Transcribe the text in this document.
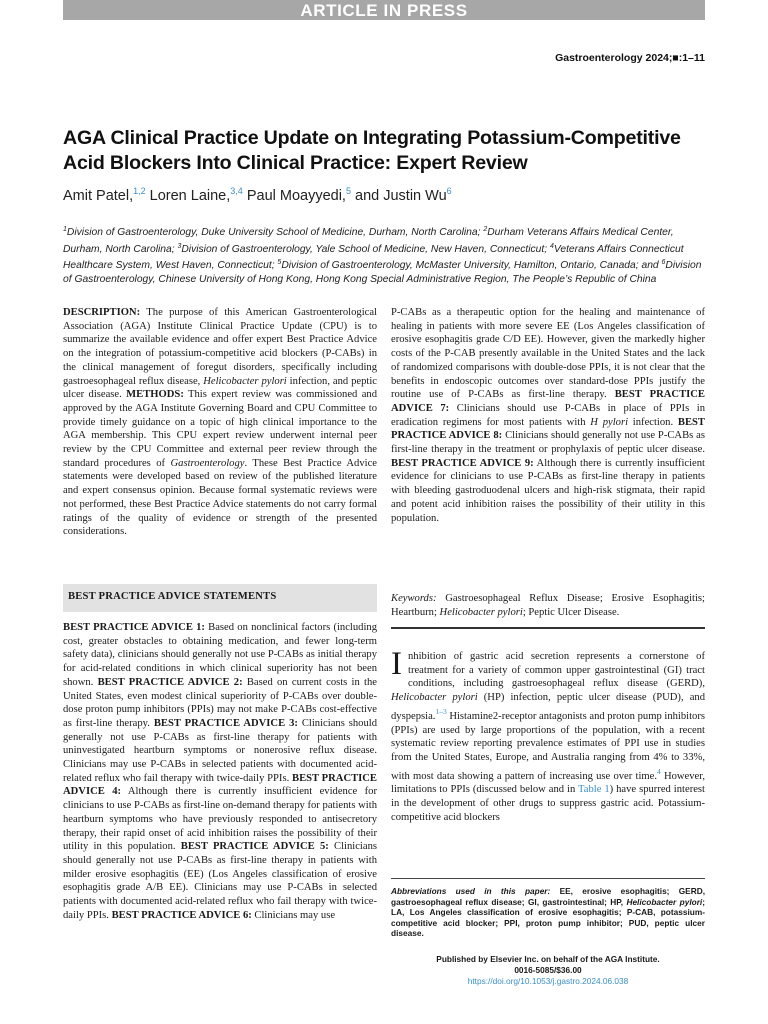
ARTICLE IN PRESS
Gastroenterology 2024;■:1–11
AGA Clinical Practice Update on Integrating Potassium-Competitive Acid Blockers Into Clinical Practice: Expert Review
Amit Patel,$^{1,2}$ Loren Laine,$^{3,4}$ Paul Moayyedi,$^5$ and Justin Wu$^6$
$^1$Division of Gastroenterology, Duke University School of Medicine, Durham, North Carolina; $^2$Durham Veterans Affairs Medical Center, Durham, North Carolina; $^3$Division of Gastroenterology, Yale School of Medicine, New Haven, Connecticut; $^4$Veterans Affairs Connecticut Healthcare System, West Haven, Connecticut; $^5$Division of Gastroenterology, McMaster University, Hamilton, Ontario, Canada; and $^6$Division of Gastroenterology, Chinese University of Hong Kong, Hong Kong Special Administrative Region, The People’s Republic of China
DESCRIPTION: The purpose of this American Gastroenterological Association (AGA) Institute Clinical Practice Update (CPU) is to summarize the available evidence and offer expert Best Practice Advice on the integration of potassium-competitive acid blockers (P-CABs) in the clinical management of foregut disorders, specifically including gastroesophageal reflux disease, Helicobacter pylori infection, and peptic ulcer disease. METHODS: This expert review was commissioned and approved by the AGA Institute Governing Board and CPU Committee to provide timely guidance on a topic of high clinical importance to the AGA membership. This CPU expert review underwent internal peer review by the CPU Committee and external peer review through the standard procedures of Gastroenterology. These Best Practice Advice statements were developed based on review of the published literature and expert consensus opinion. Because formal systematic reviews were not performed, these Best Practice Advice statements do not carry formal ratings of the quality of evidence or strength of the presented considerations.
BEST PRACTICE ADVICE STATEMENTS
BEST PRACTICE ADVICE 1: Based on nonclinical factors (including cost, greater obstacles to obtaining medication, and fewer long-term safety data), clinicians should generally not use P-CABs as initial therapy for acid-related conditions in which clinical superiority has not been shown. BEST PRACTICE ADVICE 2: Based on current costs in the United States, even modest clinical superiority of P-CABs over double-dose proton pump inhibitors (PPIs) may not make P-CABs cost-effective as first-line therapy. BEST PRACTICE ADVICE 3: Clinicians should generally not use P-CABs as first-line therapy for patients with uninvestigated heartburn symptoms or nonerosive reflux disease. Clinicians may use P-CABs in selected patients with documented acid-related reflux who fail therapy with twice-daily PPIs. BEST PRACTICE ADVICE 4: Although there is currently insufficient evidence for clinicians to use P-CABs as first-line on-demand therapy for patients with heartburn symptoms who have previously responded to antisecretory therapy, their rapid onset of acid inhibition raises the possibility of their utility in this population. BEST PRACTICE ADVICE 5: Clinicians should generally not use P-CABs as first-line therapy in patients with milder erosive esophagitis (EE) (Los Angeles classification of erosive esophagitis grade A/B EE). Clinicians may use P-CABs in selected patients with documented acid-related reflux who fail therapy with twice-daily PPIs. BEST PRACTICE ADVICE 6: Clinicians may use
P-CABs as a therapeutic option for the healing and maintenance of healing in patients with more severe EE (Los Angeles classification of erosive esophagitis grade C/D EE). However, given the markedly higher costs of the P-CAB presently available in the United States and the lack of randomized comparisons with double-dose PPIs, it is not clear that the benefits in endoscopic outcomes over standard-dose PPIs justify the routine use of P-CABs as first-line therapy. BEST PRACTICE ADVICE 7: Clinicians should use P-CABs in place of PPIs in eradication regimens for most patients with H pylori infection. BEST PRACTICE ADVICE 8: Clinicians should generally not use P-CABs as first-line therapy in the treatment or prophylaxis of peptic ulcer disease. BEST PRACTICE ADVICE 9: Although there is currently insufficient evidence for clinicians to use P-CABs as first-line therapy in patients with bleeding gastroduodenal ulcers and high-risk stigmata, their rapid and potent acid inhibition raises the possibility of their utility in this population.
Keywords: Gastroesophageal Reflux Disease; Erosive Esophagitis; Heartburn; Helicobacter pylori; Peptic Ulcer Disease.
Inhibition of gastric acid secretion represents a cornerstone of treatment for a variety of common upper gastrointestinal (GI) tract conditions, including gastroesophageal reflux disease (GERD), Helicobacter pylori (HP) infection, peptic ulcer disease (PUD), and dyspepsia.$^{1-3}$ Histamine2-receptor antagonists and proton pump inhibitors (PPIs) are used by large proportions of the population, with a recent systematic review reporting prevalence estimates of PPI use in studies from the United States, Europe, and Australia ranging from 4% to 33%, with most data showing a pattern of increasing use over time.$^4$ However, limitations to PPIs (discussed below and in Table 1) have spurred interest in the development of other drugs to suppress gastric acid. Potassium-competitive acid blockers
Abbreviations used in this paper: EE, erosive esophagitis; GERD, gastroesophageal reflux disease; GI, gastrointestinal; HP, Helicobacter pylori; LA, Los Angeles classification of erosive esophagitis; P-CAB, potassium-competitive acid blocker; PPI, proton pump inhibitor; PUD, peptic ulcer disease.
Published by Elsevier Inc. on behalf of the AGA Institute.
0016-5085/$36.00
https://doi.org/10.1053/j.gastro.2024.06.038
